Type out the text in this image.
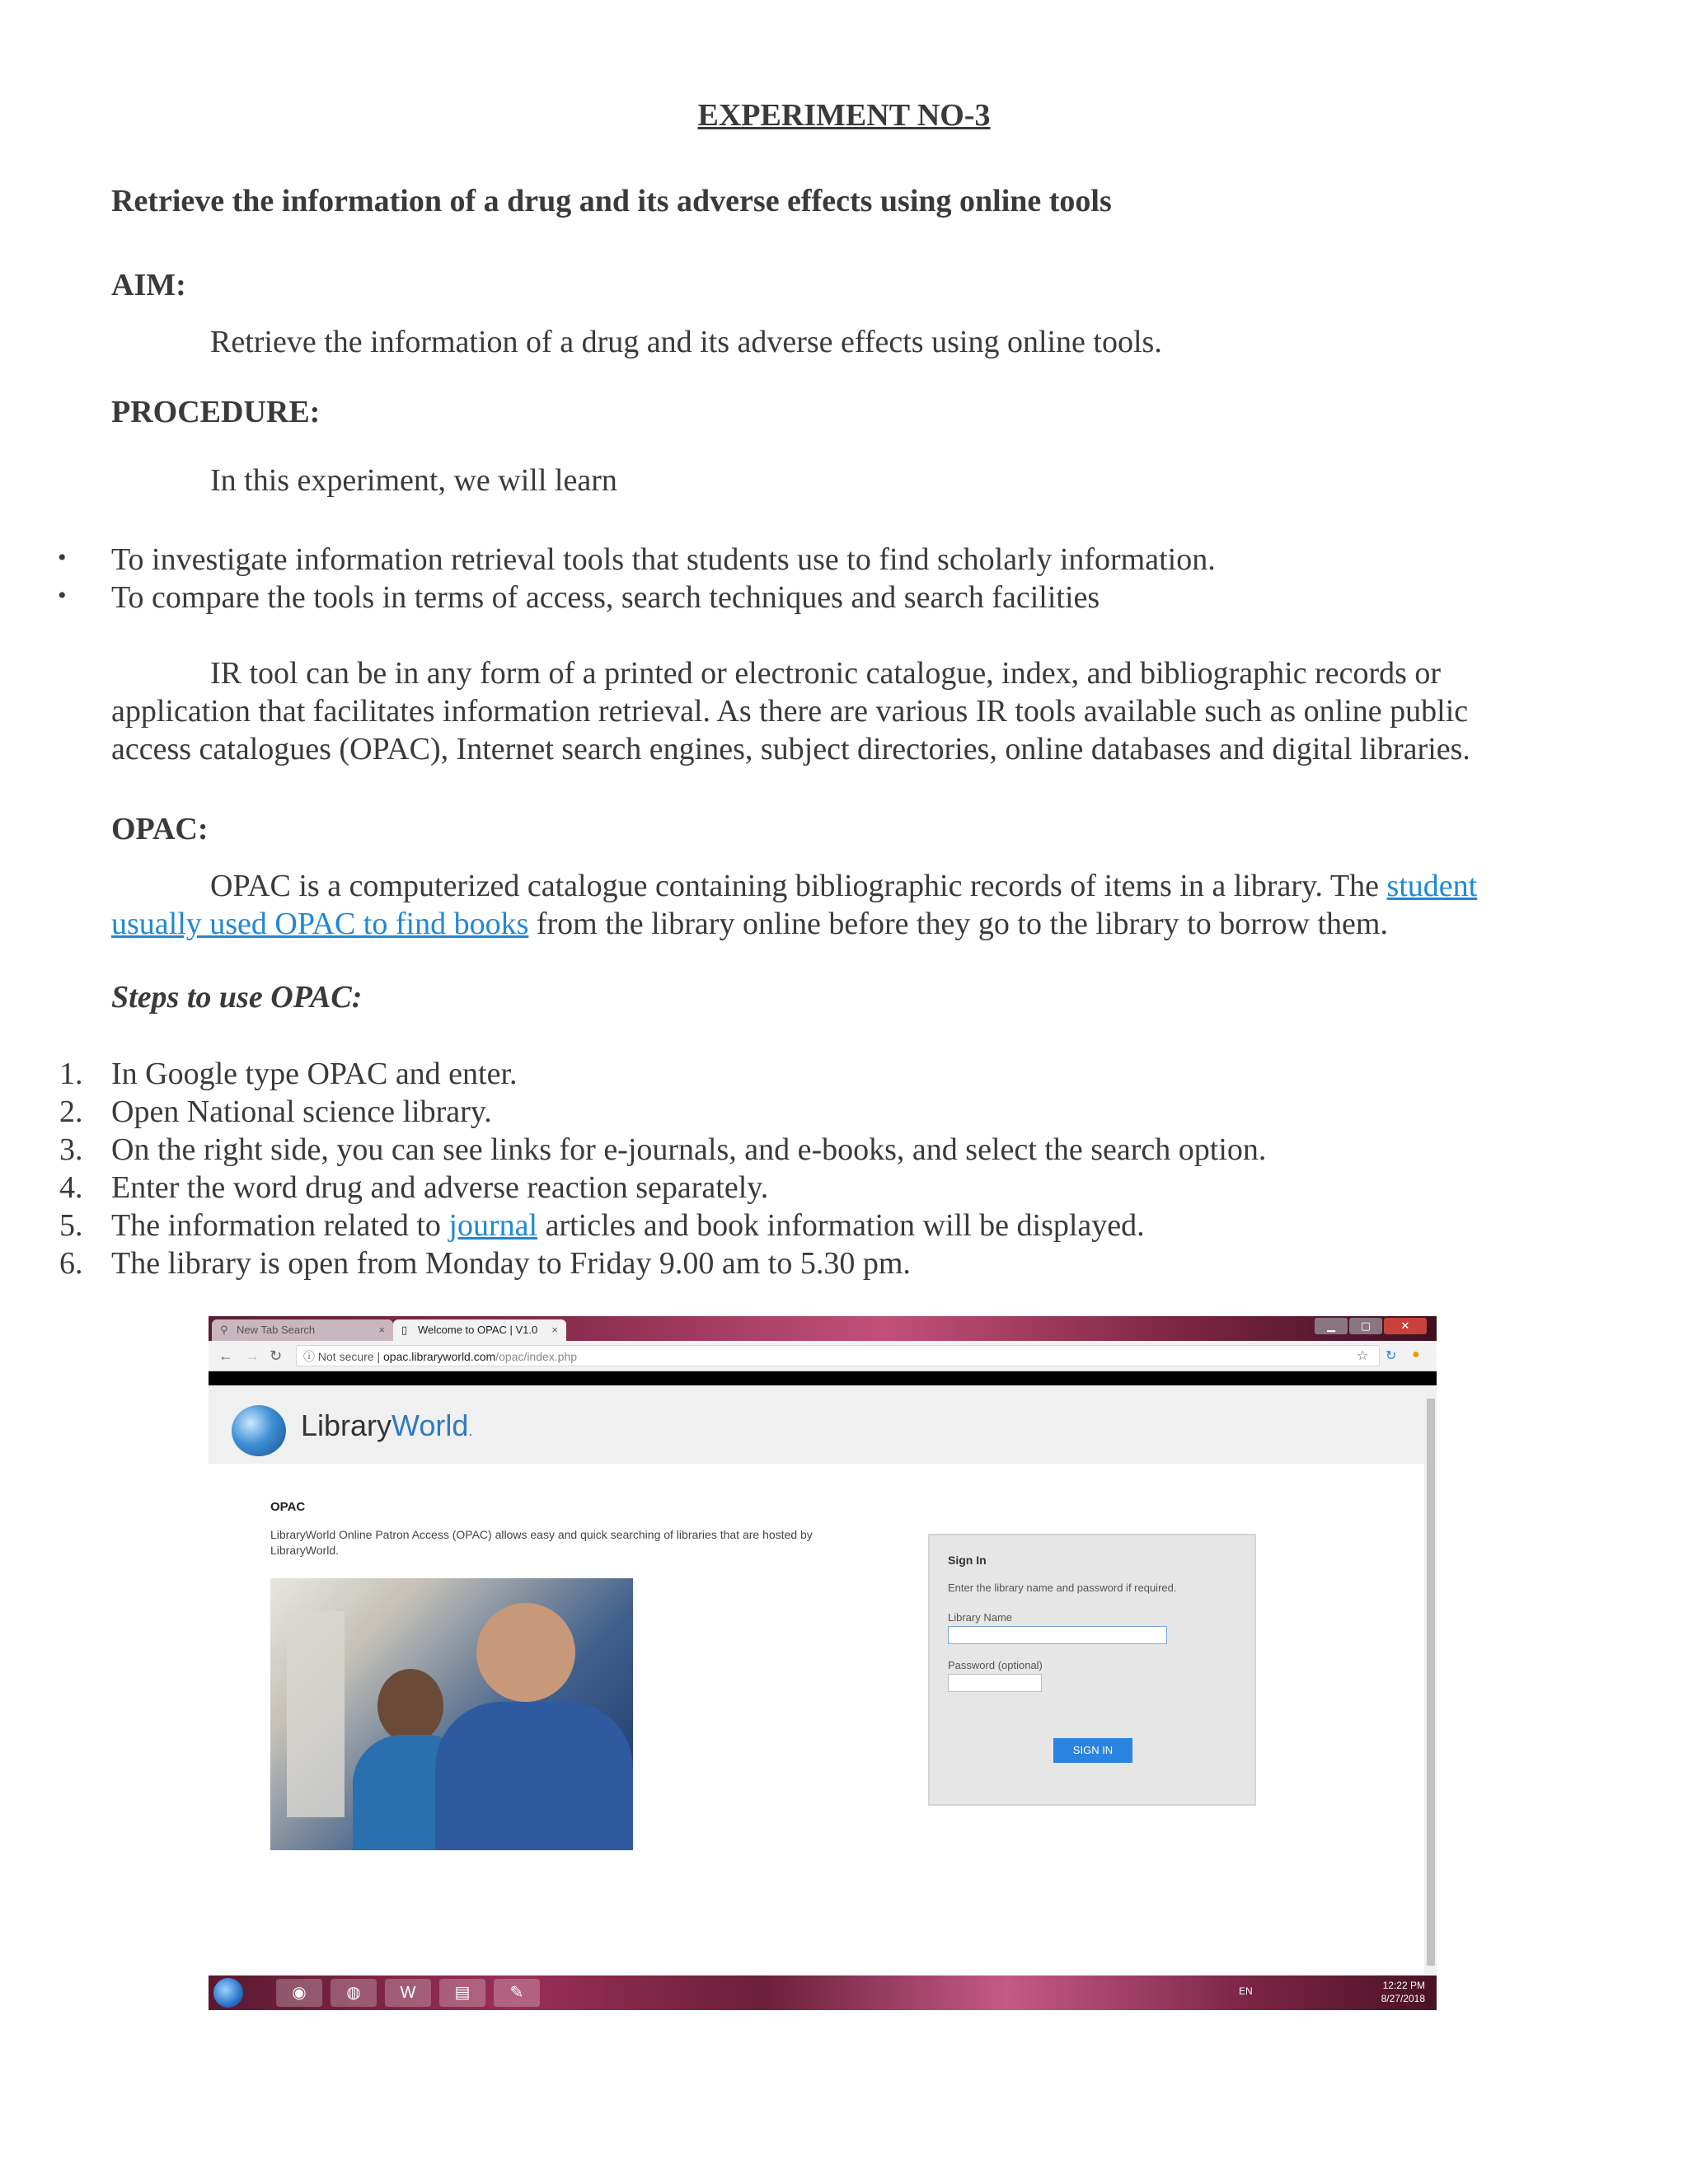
EXPERIMENT NO-3
Retrieve the information of a drug and its adverse effects using online tools
AIM:
Retrieve the information of a drug and its adverse effects using online tools.
PROCEDURE:
In this experiment, we will learn
• To investigate information retrieval tools that students use to find scholarly information.
• To compare the tools in terms of access, search techniques and search facilities
IR tool can be in any form of a printed or electronic catalogue, index, and bibliographic records or
application that facilitates information retrieval. As there are various IR tools available such as online public
access catalogues (OPAC), Internet search engines, subject directories, online databases and digital libraries.
OPAC:
OPAC is a computerized catalogue containing bibliographic records of items in a library. The student
usually used OPAC to find books from the library online before they go to the library to borrow them.
Steps to use OPAC:
1. In Google type OPAC and enter.
2. Open National science library.
3. On the right side, you can see links for e-journals, and e-books, and select the search option.
4. Enter the word drug and adverse reaction separately.
5. The information related to journal articles and book information will be displayed.
6. The library is open from Monday to Friday 9.00 am to 5.30 pm.
⚲ New Tab Search	× ▯ Welcome to OPAC | V1.0 ×	▁	▢	✕
← → ↻	ⓘ Not secure | opac.libraryworld.com/opac/index.php	☆ ↻ ●
LibraryWorld.
OPAC
LibraryWorld Online Patron Access (OPAC) allows easy and quick searching of libraries that are hosted by LibraryWorld.
Sign In
Enter the library name and password if required.
Library Name
Password (optional)
SIGN IN
◉	◍	W	▤	✎	EN	12:22 PM
8/27/2018
